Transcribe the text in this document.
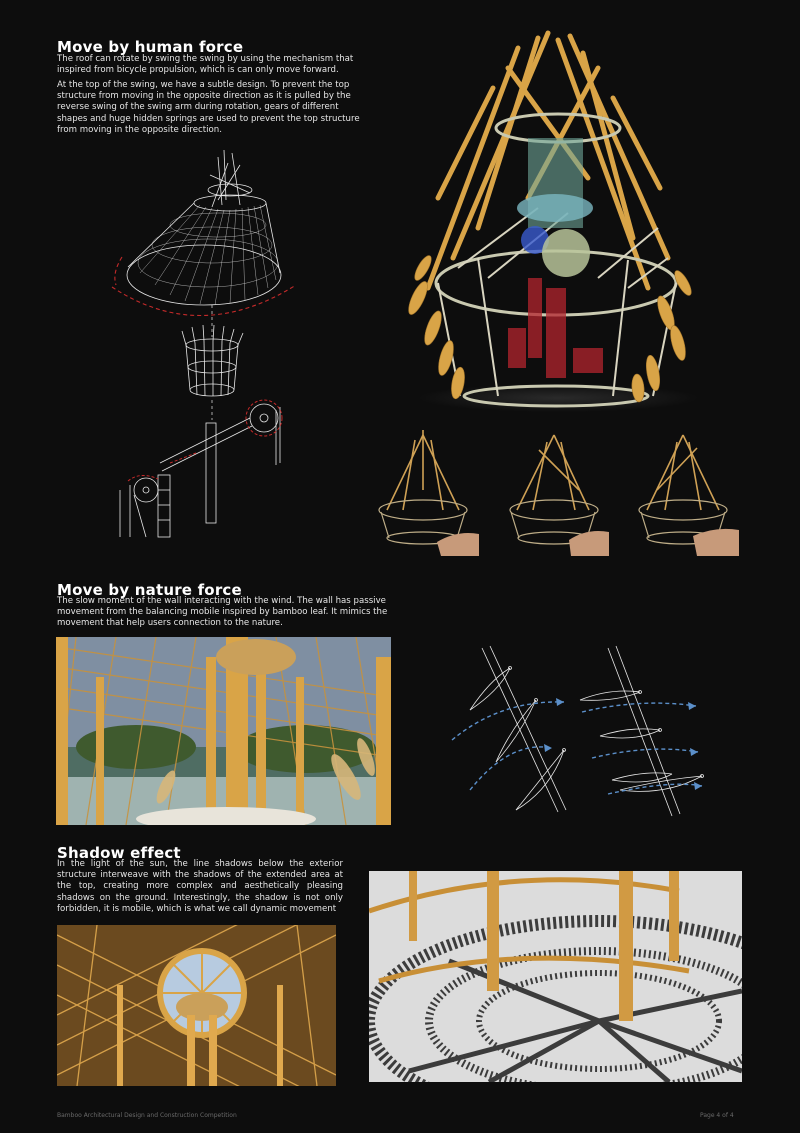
Move by human force
The roof can rotate by swing the swing by using the mechanism that inspired from bicycle propulsion, which is can only move forward.
At the top of the swing, we have a subtle design. To prevent the top structure from moving in the opposite direction as it is pulled by the reverse swing of the swing arm during rotation, gears of different shapes and huge hidden springs are used to prevent the top structure from moving in the opposite direction.
Move by nature force
The slow moment of the wall interacting with the wind. The wall has passive movement from the balancing mobile inspired by bamboo leaf. It mimics the movement that help users connection to the nature.
Shadow effect
In the light of the sun, the line shadows below the exterior structure interweave with the shadows of the extended area at the top, creating more complex and aesthetically pleasing shadows on the ground. Interestingly, the shadow is not only forbidden, it is mobile, which is what we call dynamic movement
Bamboo Architectural Design and Construction Competition	Page 4 of 4
